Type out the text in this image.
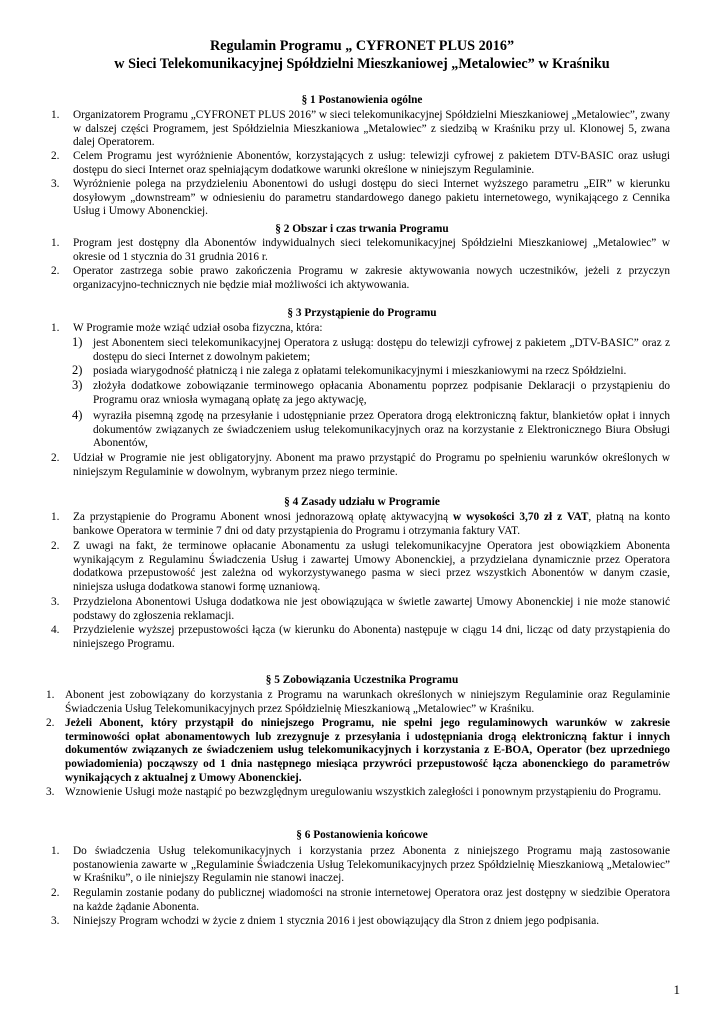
Regulamin Programu „ CYFRONET PLUS 2016”
w Sieci Telekomunikacyjnej Spółdzielni Mieszkaniowej „Metalowiec” w Kraśniku
§ 1 Postanowienia ogólne
1. Organizatorem Programu „CYFRONET PLUS 2016” w sieci telekomunikacyjnej Spółdzielni Mieszkaniowej „Metalowiec”, zwany w dalszej części Programem, jest Spółdzielnia Mieszkaniowa „Metalowiec” z siedzibą w Kraśniku przy ul. Klonowej 5, zwana dalej Operatorem.
2. Celem Programu jest wyróżnienie Abonentów, korzystających z usług: telewizji cyfrowej z pakietem DTV-BASIC oraz usługi dostępu do sieci Internet oraz spełniającym dodatkowe warunki określone w niniejszym Regulaminie.
3. Wyróżnienie polega na przydzieleniu Abonentowi do usługi dostępu do sieci Internet wyższego parametru „EIR” w kierunku dosyłowym „downstream” w odniesieniu do parametru standardowego danego pakietu internetowego, wynikającego z Cennika Usług i Umowy Abonenckiej.
§ 2 Obszar i czas trwania Programu
1. Program jest dostępny dla Abonentów indywidualnych sieci telekomunikacyjnej Spółdzielni Mieszkaniowej „Metalowiec” w okresie od 1 stycznia do 31 grudnia 2016 r.
2. Operator zastrzega sobie prawo zakończenia Programu w zakresie aktywowania nowych uczestników, jeżeli z przyczyn organizacyjno-technicznych nie będzie miał możliwości ich aktywowania.
§ 3 Przystąpienie do Programu
1. W Programie może wziąć udział osoba fizyczna, która:
1) jest Abonentem sieci telekomunikacyjnej Operatora z usługą: dostępu do telewizji cyfrowej z pakietem „DTV-BASIC” oraz z dostępu do sieci Internet z dowolnym pakietem;
2) posiada wiarygodność płatniczą i nie zalega z opłatami telekomunikacyjnymi i mieszkaniowymi na rzecz Spółdzielni.
3) złożyła dodatkowe zobowiązanie terminowego opłacania Abonamentu poprzez podpisanie Deklaracji o przystąpieniu do Programu oraz wniosła wymaganą opłatę za jego aktywację,
4) wyraziła pisemną zgodę na przesyłanie i udostępnianie przez Operatora drogą elektroniczną faktur, blankietów opłat i innych dokumentów związanych ze świadczeniem usług telekomunikacyjnych oraz na korzystanie z Elektronicznego Biura Obsługi Abonentów,
2. Udział w Programie nie jest obligatoryjny. Abonent ma prawo przystąpić do Programu po spełnieniu warunków określonych w niniejszym Regulaminie w dowolnym, wybranym przez niego terminie.
§ 4 Zasady udziału w Programie
1. Za przystąpienie do Programu Abonent wnosi jednorazową opłatę aktywacyjną w wysokości 3,70 zł z VAT, płatną na konto bankowe Operatora w terminie 7 dni od daty przystąpienia do Programu i otrzymania faktury VAT.
2. Z uwagi na fakt, że terminowe opłacanie Abonamentu za usługi telekomunikacyjne Operatora jest obowiązkiem Abonenta wynikającym z Regulaminu Świadczenia Usług i zawartej Umowy Abonenckiej, a przydzielana dynamicznie przez Operatora dodatkowa przepustowość jest zależna od wykorzystywanego pasma w sieci przez wszystkich Abonentów w danym czasie, niniejsza usługa dodatkowa stanowi formę uznaniową.
3. Przydzielona Abonentowi Usługa dodatkowa nie jest obowiązująca w świetle zawartej Umowy Abonenckiej i nie może stanowić podstawy do zgłoszenia reklamacji.
4. Przydzielenie wyższej przepustowości łącza (w kierunku do Abonenta) następuje w ciągu 14 dni, licząc od daty przystąpienia do niniejszego Programu.
§ 5 Zobowiązania Uczestnika Programu
1. Abonent jest zobowiązany do korzystania z Programu na warunkach określonych w niniejszym Regulaminie oraz Regulaminie Świadczenia Usług Telekomunikacyjnych przez Spółdzielnię Mieszkaniową „Metalowiec” w Kraśniku.
2. Jeżeli Abonent, który przystąpił do niniejszego Programu, nie spełni jego regulaminowych warunków w zakresie terminowości opłat abonamentowych lub zrezygnuje z przesyłania i udostępniania drogą elektroniczną faktur i innych dokumentów związanych ze świadczeniem usług telekomunikacyjnych i korzystania z E-BOA, Operator (bez uprzedniego powiadomienia) począwszy od 1 dnia następnego miesiąca przywróci przepustowość łącza abonenckiego do parametrów wynikających z aktualnej z Umowy Abonenckiej.
3. Wznowienie Usługi może nastąpić po bezwzględnym uregulowaniu wszystkich zaległości i ponownym przystąpieniu do Programu.
§ 6 Postanowienia końcowe
1. Do świadczenia Usług telekomunikacyjnych i korzystania przez Abonenta z niniejszego Programu mają zastosowanie postanowienia zawarte w „Regulaminie Świadczenia Usług Telekomunikacyjnych przez Spółdzielnię Mieszkaniową „Metalowiec” w Kraśniku”, o ile niniejszy Regulamin nie stanowi inaczej.
2. Regulamin zostanie podany do publicznej wiadomości na stronie internetowej Operatora oraz jest dostępny w siedzibie Operatora na każde żądanie Abonenta.
3. Niniejszy Program wchodzi w życie z dniem 1 stycznia 2016 i jest obowiązujący dla Stron z dniem jego podpisania.
1
